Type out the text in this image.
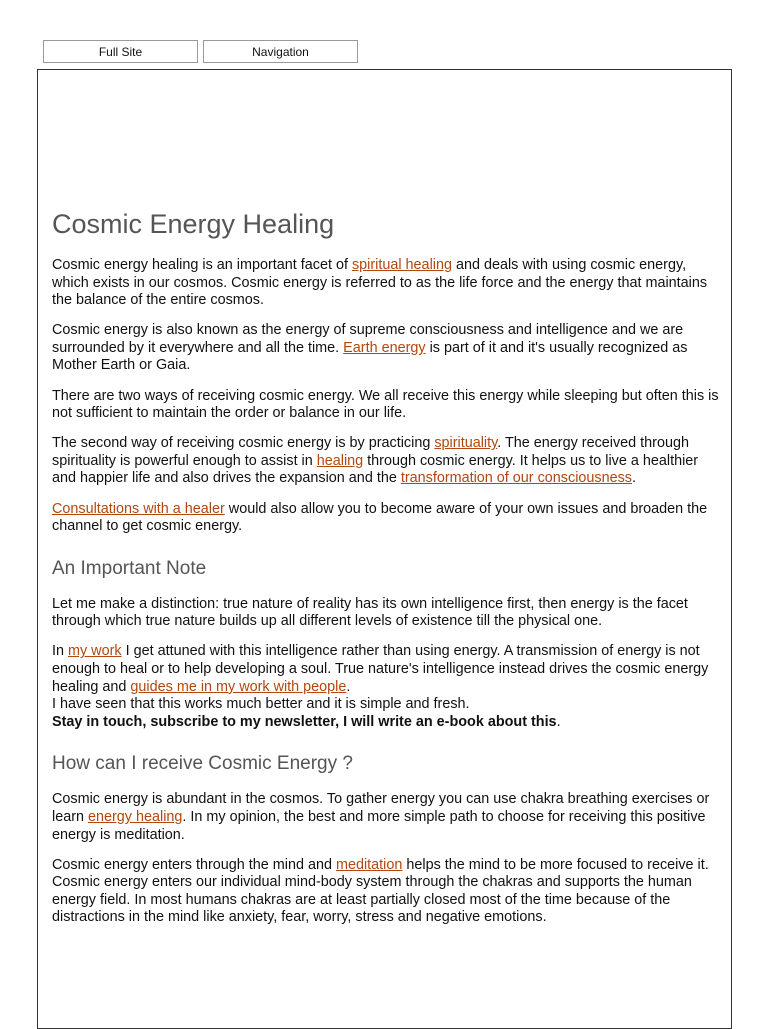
Full Site	Navigation
Cosmic Energy Healing

Cosmic energy healing is an important facet of spiritual healing and deals with using cosmic energy, which exists in our cosmos. Cosmic energy is referred to as the life force and the energy that maintains the balance of the entire cosmos.

Cosmic energy is also known as the energy of supreme consciousness and intelligence and we are surrounded by it everywhere and all the time. Earth energy is part of it and it's usually recognized as Mother Earth or Gaia.

There are two ways of receiving cosmic energy. We all receive this energy while sleeping but often this is not sufficient to maintain the order or balance in our life.

The second way of receiving cosmic energy is by practicing spirituality. The energy received through spirituality is powerful enough to assist in healing through cosmic energy. It helps us to live a healthier and happier life and also drives the expansion and the transformation of our consciousness.

Consultations with a healer would also allow you to become aware of your own issues and broaden the channel to get cosmic energy.

An Important Note

Let me make a distinction: true nature of reality has its own intelligence first, then energy is the facet through which true nature builds up all different levels of existence till the physical one.

In my work I get attuned with this intelligence rather than using energy. A transmission of energy is not enough to heal or to help developing a soul. True nature's intelligence instead drives the cosmic energy healing and guides me in my work with people.
I have seen that this works much better and it is simple and fresh.
Stay in touch, subscribe to my newsletter, I will write an e-book about this.

How can I receive Cosmic Energy ?

Cosmic energy is abundant in the cosmos. To gather energy you can use chakra breathing exercises or learn energy healing. In my opinion, the best and more simple path to choose for receiving this positive energy is meditation.

Cosmic energy enters through the mind and meditation helps the mind to be more focused to receive it. Cosmic energy enters our individual mind-body system through the chakras and supports the human energy field. In most humans chakras are at least partially closed most of the time because of the distractions in the mind like anxiety, fear, worry, stress and negative emotions.
